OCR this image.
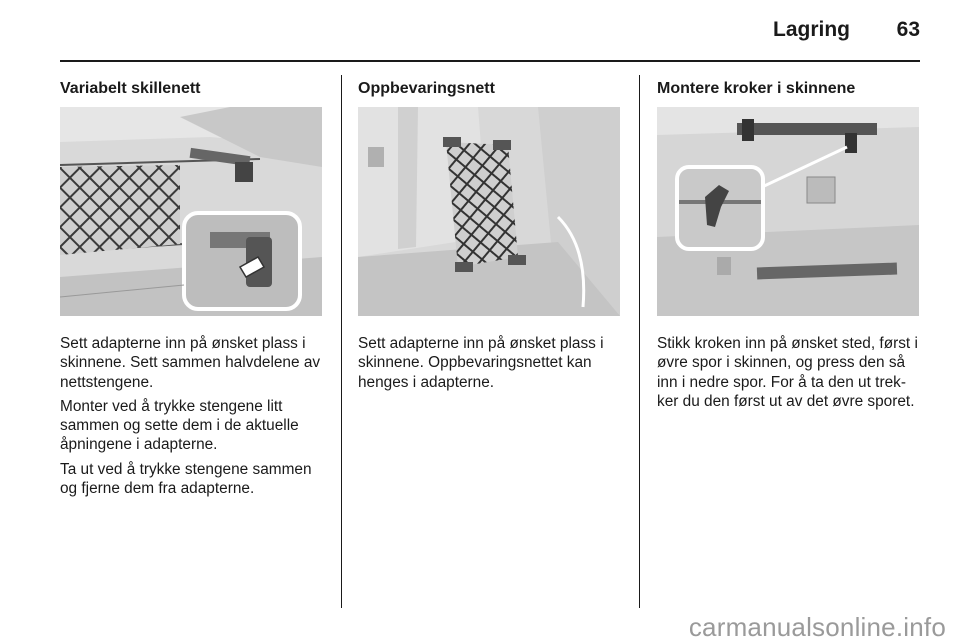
Lagring	63
Variabelt skillenett

Sett adapterne inn på ønsket plass i skinnene. Sett sammen halvdelene av nettstengene.

Monter ved å trykke stengene litt sammen og sette dem i de aktuelle åpningene i adapterne.

Ta ut ved å trykke stengene sammen og fjerne dem fra adapterne.

Oppbevaringsnett

Sett adapterne inn på ønsket plass i skinnene. Oppbevaringsnettet kan henges i adapterne.

Montere kroker i skinnene

Stikk kroken inn på ønsket sted, først i øvre spor i skinnen, og press den så inn i nedre spor. For å ta den ut trek-ker du den først ut av det øvre sporet.

carmanualsonline.info
